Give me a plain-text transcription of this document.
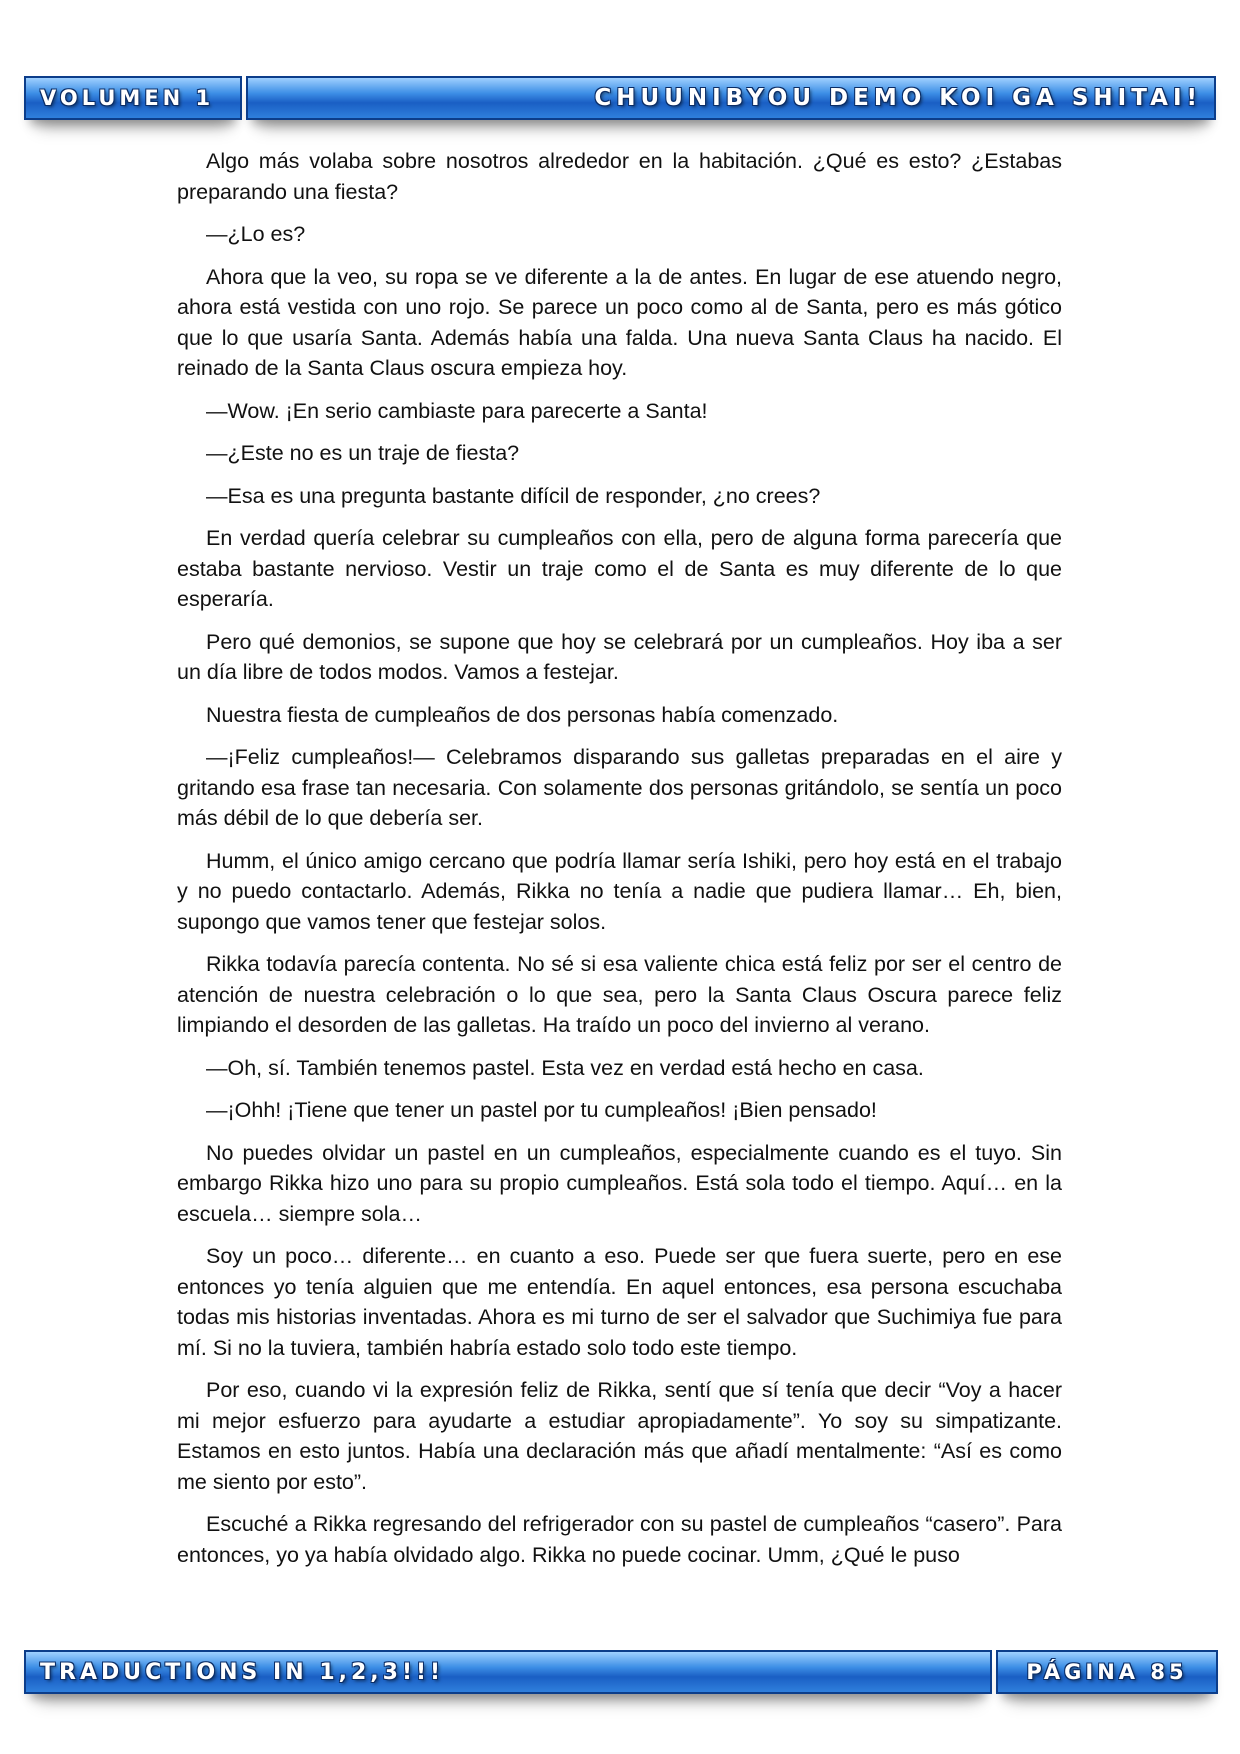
VOLUMEN 1	CHUUNIBYOU DEMO KOI GA SHITAI!

Algo más volaba sobre nosotros alrededor en la habitación. ¿Qué es esto? ¿Estabas preparando una fiesta?

—¿Lo es?

Ahora que la veo, su ropa se ve diferente a la de antes. En lugar de ese atuendo negro, ahora está vestida con uno rojo. Se parece un poco como al de Santa, pero es más gótico que lo que usaría Santa. Además había una falda. Una nueva Santa Claus ha nacido. El reinado de la Santa Claus oscura empieza hoy.

—Wow. ¡En serio cambiaste para parecerte a Santa!

—¿Este no es un traje de fiesta?

—Esa es una pregunta bastante difícil de responder, ¿no crees?

En verdad quería celebrar su cumpleaños con ella, pero de alguna forma parecería que estaba bastante nervioso. Vestir un traje como el de Santa es muy diferente de lo que esperaría.

Pero qué demonios, se supone que hoy se celebrará por un cumpleaños. Hoy iba a ser un día libre de todos modos. Vamos a festejar.

Nuestra fiesta de cumpleaños de dos personas había comenzado.

—¡Feliz cumpleaños!— Celebramos disparando sus galletas preparadas en el aire y gritando esa frase tan necesaria. Con solamente dos personas gritándolo, se sentía un poco más débil de lo que debería ser.

Humm, el único amigo cercano que podría llamar sería Ishiki, pero hoy está en el trabajo y no puedo contactarlo. Además, Rikka no tenía a nadie que pudiera llamar… Eh, bien, supongo que vamos tener que festejar solos.

Rikka todavía parecía contenta. No sé si esa valiente chica está feliz por ser el centro de atención de nuestra celebración o lo que sea, pero la Santa Claus Oscura parece feliz limpiando el desorden de las galletas. Ha traído un poco del invierno al verano.

—Oh, sí. También tenemos pastel. Esta vez en verdad está hecho en casa.

—¡Ohh! ¡Tiene que tener un pastel por tu cumpleaños! ¡Bien pensado!

No puedes olvidar un pastel en un cumpleaños, especialmente cuando es el tuyo. Sin embargo Rikka hizo uno para su propio cumpleaños. Está sola todo el tiempo. Aquí… en la escuela… siempre sola…

Soy un poco… diferente… en cuanto a eso. Puede ser que fuera suerte, pero en ese entonces yo tenía alguien que me entendía. En aquel entonces, esa persona escuchaba todas mis historias inventadas. Ahora es mi turno de ser el salvador que Suchimiya fue para mí. Si no la tuviera, también habría estado solo todo este tiempo.

Por eso, cuando vi la expresión feliz de Rikka, sentí que sí tenía que decir “Voy a hacer mi mejor esfuerzo para ayudarte a estudiar apropiadamente”. Yo soy su simpatizante. Estamos en esto juntos. Había una declaración más que añadí mentalmente: “Así es como me siento por esto”.

Escuché a Rikka regresando del refrigerador con su pastel de cumpleaños “casero”. Para entonces, yo ya había olvidado algo. Rikka no puede cocinar. Umm, ¿Qué le puso

TRADUCTIONS IN 1,2,3!!!	PÁGINA 85
